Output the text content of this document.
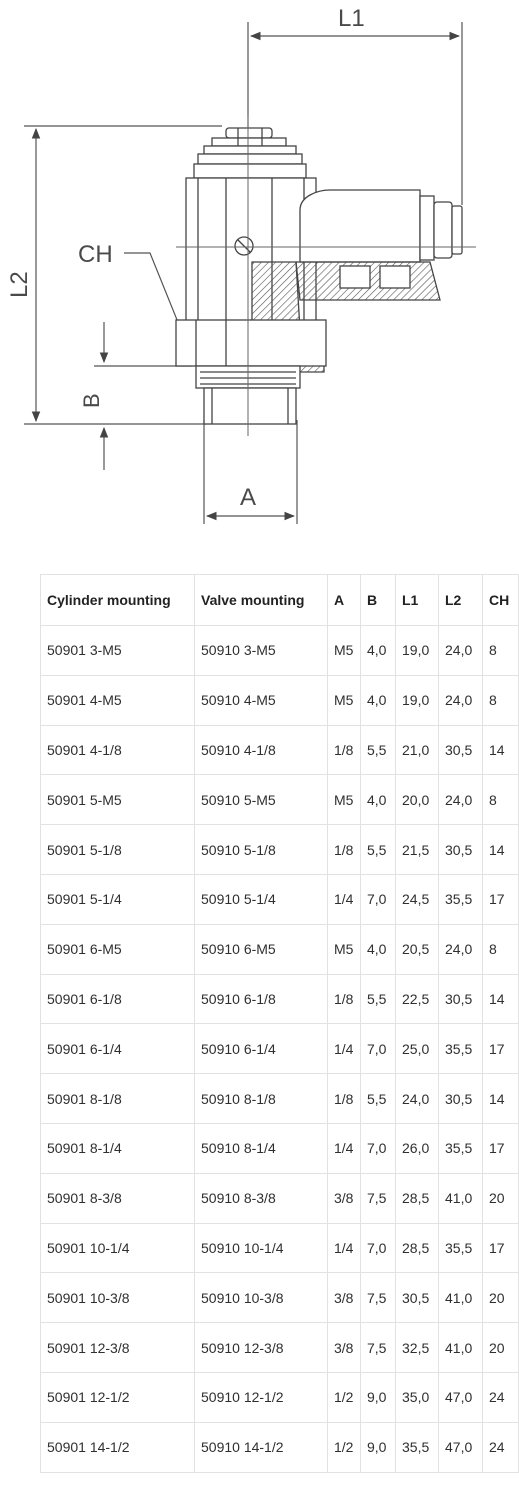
L1
L2
CH
B
A
Cylinder mounting	Valve mounting	A	B	L1	L2	CH
50901 3-M5	50910 3-M5	M5	4,0	19,0	24,0	8
50901 4-M5	50910 4-M5	M5	4,0	19,0	24,0	8
50901 4-1/8	50910 4-1/8	1/8	5,5	21,0	30,5	14
50901 5-M5	50910 5-M5	M5	4,0	20,0	24,0	8
50901 5-1/8	50910 5-1/8	1/8	5,5	21,5	30,5	14
50901 5-1/4	50910 5-1/4	1/4	7,0	24,5	35,5	17
50901 6-M5	50910 6-M5	M5	4,0	20,5	24,0	8
50901 6-1/8	50910 6-1/8	1/8	5,5	22,5	30,5	14
50901 6-1/4	50910 6-1/4	1/4	7,0	25,0	35,5	17
50901 8-1/8	50910 8-1/8	1/8	5,5	24,0	30,5	14
50901 8-1/4	50910 8-1/4	1/4	7,0	26,0	35,5	17
50901 8-3/8	50910 8-3/8	3/8	7,5	28,5	41,0	20
50901 10-1/4	50910 10-1/4	1/4	7,0	28,5	35,5	17
50901 10-3/8	50910 10-3/8	3/8	7,5	30,5	41,0	20
50901 12-3/8	50910 12-3/8	3/8	7,5	32,5	41,0	20
50901 12-1/2	50910 12-1/2	1/2	9,0	35,0	47,0	24
50901 14-1/2	50910 14-1/2	1/2	9,0	35,5	47,0	24
